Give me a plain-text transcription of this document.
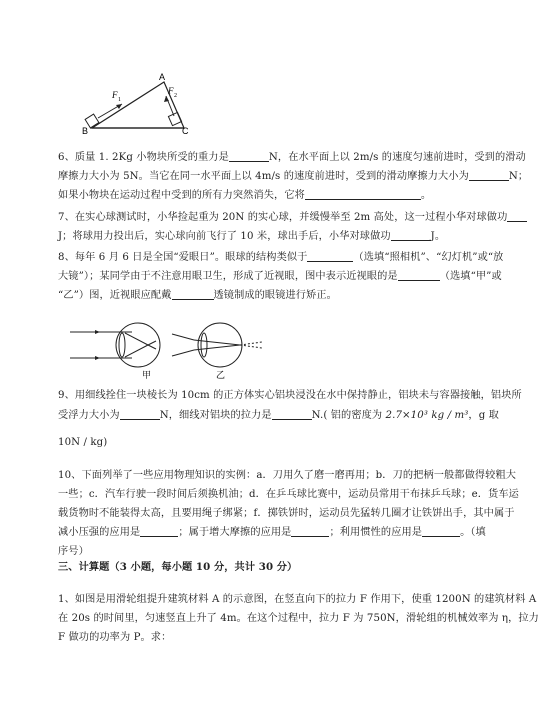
F 1
F 2
A
B	C
6、质量 1. 2Kg 小物块所受的重力是	N，在水平面上以 2m/s 的速度匀速前进时，受到的滑动
摩擦力大小为 5N。当它在同一水平面上以 4m/s 的速度前进时，受到的滑动摩擦力大小为	N；
如果小物块在运动过程中受到的所有力突然消失，它将	。
7、在实心球测试时，小华捡起重为 20N 的实心球，并缓慢举至 2m 高处，这一过程小华对球做功
J；将球用力投出后，实心球向前飞行了 10 米，球出手后，小华对球做功	J。
8、每年 6 月 6 日是全国“爱眼日”。眼球的结构类似于	（选填“照相机”、“幻灯机”或“放
大镜”）；某同学由于不注意用眼卫生，形成了近视眼，图中表示近视眼的是	（选填“甲”或
“乙”）图，近视眼应配戴	透镜制成的眼镜进行矫正。
甲	乙
9、用细线拴住一块棱长为 10cm 的正方体实心铝块浸没在水中保持静止，铝块未与容器接触，铝块所
受浮力大小为	N，细线对铝块的拉力是	N.( 铝的密度为 2.7×10³ kg / m³，g 取
10N / kg)
10、下面列举了一些应用物理知识的实例：a．刀用久了磨一磨再用；b．刀的把柄一般都做得较粗大
一些；c．汽车行驶一段时间后须换机油；d．在乒乓球比赛中，运动员常用干布抹乒乓球；e．货车运
载货物时不能装得太高，且要用绳子绑紧；f．掷铁饼时，运动员先猛转几圈才让铁饼出手，其中属于
减小压强的应用是	；属于增大摩擦的应用是	；利用惯性的应用是	。（填
序号）
三、计算题（3 小题，每小题 10 分，共计 30 分）
1、如图是用滑轮组提升建筑材料 A 的示意图，在竖直向下的拉力 F 作用下，使重 1200N 的建筑材料 A
在 20s 的时间里，匀速竖直上升了 4m。在这个过程中，拉力 F 为 750N，滑轮组的机械效率为 η，拉力
F 做功的功率为 P。求：
